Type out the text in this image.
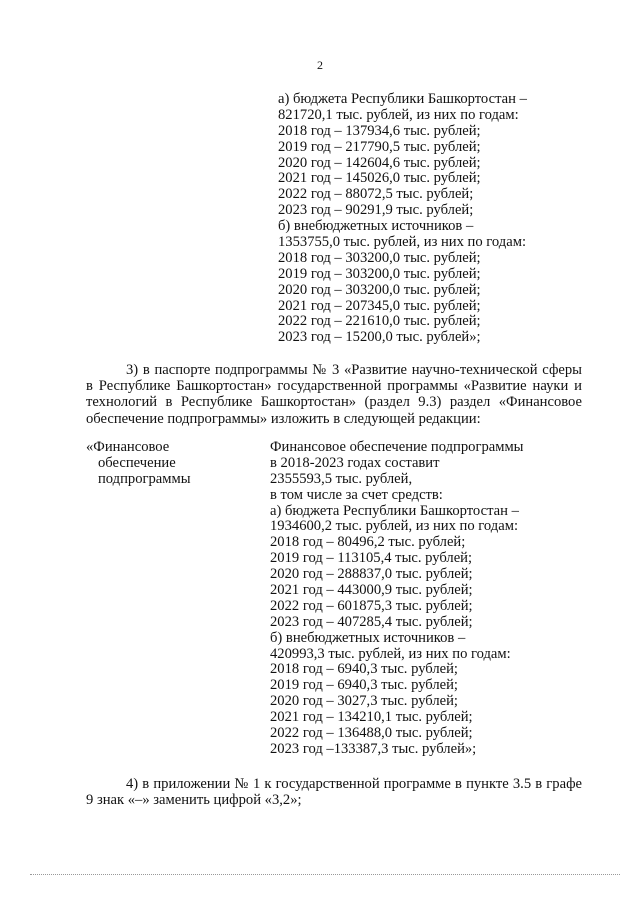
2
а) бюджета Республики Башкортостан –
821720,1 тыс. рублей, из них по годам:
2018 год – 137934,6 тыс. рублей;
2019 год – 217790,5 тыс. рублей;
2020 год – 142604,6 тыс. рублей;
2021 год – 145026,0 тыс. рублей;
2022 год – 88072,5 тыс. рублей;
2023 год – 90291,9 тыс. рублей;
б) внебюджетных источников –
1353755,0 тыс. рублей, из них по годам:
2018 год – 303200,0 тыс. рублей;
2019 год – 303200,0 тыс. рублей;
2020 год – 303200,0 тыс. рублей;
2021 год – 207345,0 тыс. рублей;
2022 год – 221610,0 тыс. рублей;
2023 год – 15200,0 тыс. рублей»;
3) в паспорте подпрограммы № 3 «Развитие научно-технической сферы в Республике Башкортостан» государственной программы «Развитие науки и технологий в Республике Башкортостан» (раздел 9.3) раздел «Финансовое обеспечение подпрограммы» изложить в следующей редакции:
«Финансовое
обеспечение
подпрограммы
Финансовое обеспечение подпрограммы
в 2018-2023 годах составит
2355593,5 тыс. рублей,
в том числе за счет средств:
а) бюджета Республики Башкортостан –
1934600,2 тыс. рублей, из них по годам:
2018 год – 80496,2 тыс. рублей;
2019 год – 113105,4 тыс. рублей;
2020 год – 288837,0 тыс. рублей;
2021 год – 443000,9 тыс. рублей;
2022 год – 601875,3 тыс. рублей;
2023 год – 407285,4 тыс. рублей;
б) внебюджетных источников –
420993,3 тыс. рублей, из них по годам:
2018 год – 6940,3 тыс. рублей;
2019 год – 6940,3 тыс. рублей;
2020 год – 3027,3 тыс. рублей;
2021 год – 134210,1 тыс. рублей;
2022 год – 136488,0 тыс. рублей;
2023 год –133387,3 тыс. рублей»;
4) в приложении № 1 к государственной программе в пункте 3.5 в графе 9 знак «–» заменить цифрой «3,2»;
